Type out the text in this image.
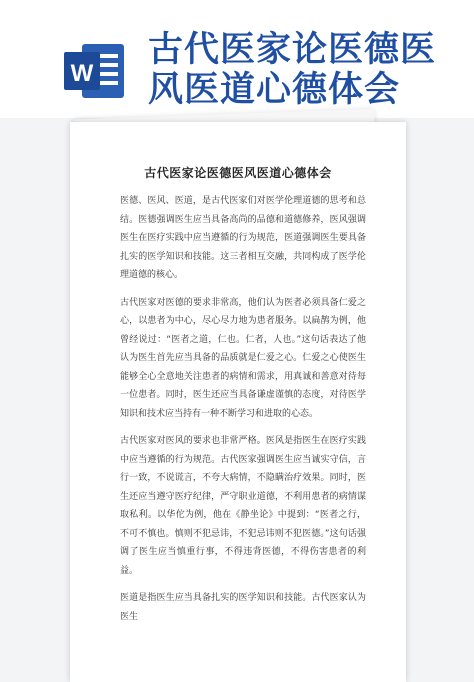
W
古代医家论医德医
风医道心德体会
古代医家论医德医风医道心德体会

医德、医风、医道，是古代医家们对医学伦理道德的思考和总结。医德强调医生应当具备高尚的品德和道德修养，医风强调医生在医疗实践中应当遵循的行为规范，医道强调医生要具备扎实的医学知识和技能。这三者相互交融，共同构成了医学伦理道德的核心。

古代医家对医德的要求非常高，他们认为医者必须具备仁爱之心，以患者为中心，尽心尽力地为患者服务。以扁鹊为例，他曾经说过：“医者之道，仁也。仁者，人也。”这句话表达了他认为医生首先应当具备的品质就是仁爱之心。仁爱之心使医生能够全心全意地关注患者的病情和需求，用真诚和善意对待每一位患者。同时，医生还应当具备谦虚谨慎的态度，对待医学知识和技术应当持有一种不断学习和进取的心态。

古代医家对医风的要求也非常严格。医风是指医生在医疗实践中应当遵循的行为规范。古代医家强调医生应当诚实守信，言行一致，不说谎言，不夸大病情，不隐瞒治疗效果。同时，医生还应当遵守医疗纪律，严守职业道德，不利用患者的病情谋取私利。以华佗为例，他在《静坐论》中提到：“医者之行，不可不慎也。慎则不犯忌讳，不犯忌讳则不犯医德。”这句话强调了医生应当慎重行事，不得违背医德，不得伤害患者的利益。

医道是指医生应当具备扎实的医学知识和技能。古代医家认为医生
